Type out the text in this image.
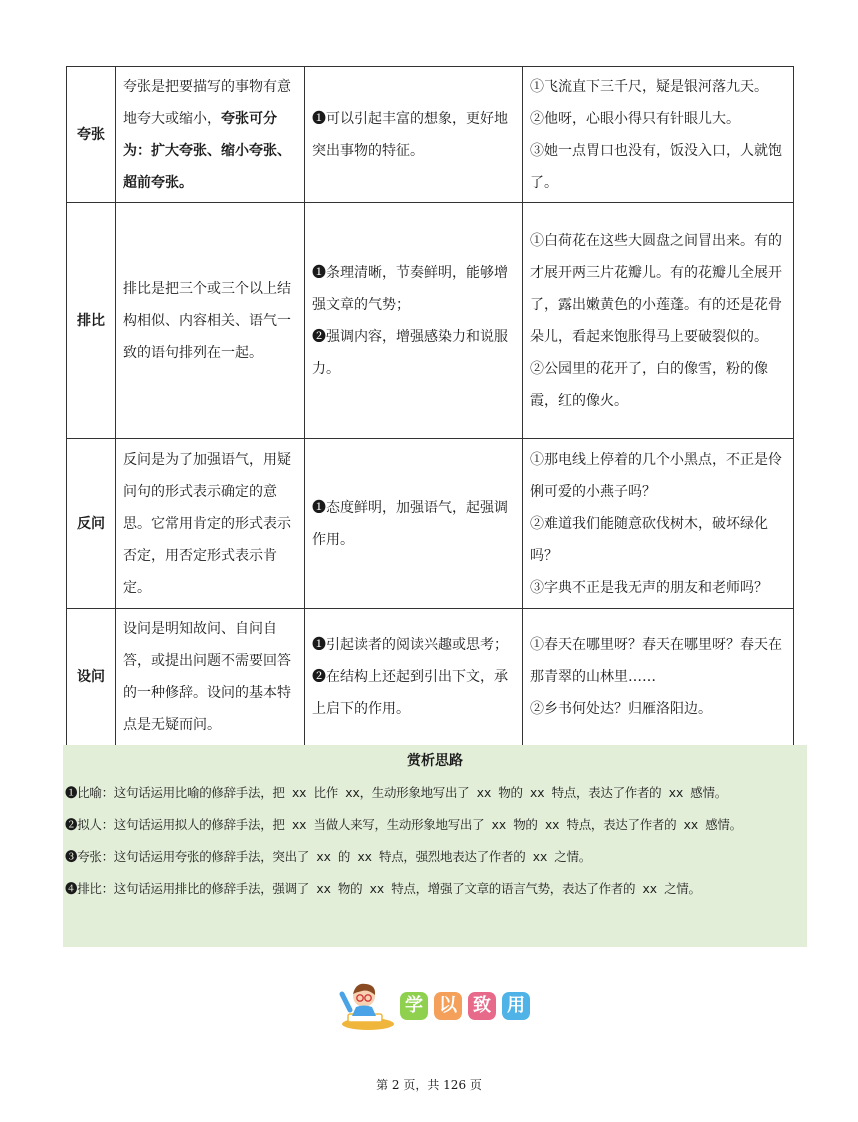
夸张	夸张是把要描写的事物有意地夸大或缩小，夸张可分为：扩大夸张、缩小夸张、超前夸张。	❶可以引起丰富的想象，更好地突出事物的特征。	①飞流直下三千尺，疑是银河落九天。
②他呀，心眼小得只有针眼儿大。
③她一点胃口也没有，饭没入口，人就饱了。

排比	排比是把三个或三个以上结构相似、内容相关、语气一致的语句排列在一起。	❶条理清晰，节奏鲜明，能够增强文章的气势；
❷强调内容，增强感染力和说服力。	①白荷花在这些大圆盘之间冒出来。有的才展开两三片花瓣儿。有的花瓣儿全展开了，露出嫩黄色的小莲蓬。有的还是花骨朵儿，看起来饱胀得马上要破裂似的。
②公园里的花开了，白的像雪，粉的像霞，红的像火。

反问	反问是为了加强语气，用疑问句的形式表示确定的意思。它常用肯定的形式表示否定，用否定形式表示肯定。	❶态度鲜明，加强语气，起强调作用。	①那电线上停着的几个小黑点，不正是伶俐可爱的小燕子吗？
②难道我们能随意砍伐树木，破坏绿化吗？
③字典不正是我无声的朋友和老师吗？

设问	设问是明知故问、自问自答，或提出问题不需要回答的一种修辞。设问的基本特点是无疑而问。	❶引起读者的阅读兴趣或思考；
❷在结构上还起到引出下文，承上启下的作用。	①春天在哪里呀？春天在哪里呀？春天在那青翠的山林里……
②乡书何处达？归雁洛阳边。
赏析思路
❶比喻：这句话运用比喻的修辞手法，把 xx 比作 xx，生动形象地写出了 xx 物的 xx 特点，表达了作者的 xx 感情。
❷拟人：这句话运用拟人的修辞手法，把 xx 当做人来写，生动形象地写出了 xx 物的 xx 特点，表达了作者的 xx 感情。
❸夸张：这句话运用夸张的修辞手法，突出了 xx 的 xx 特点，强烈地表达了作者的 xx 之情。
❹排比：这句话运用排比的修辞手法，强调了 xx 物的 xx 特点，增强了文章的语言气势，表达了作者的 xx 之情。
学 以 致 用
第 2 页，共 126 页
